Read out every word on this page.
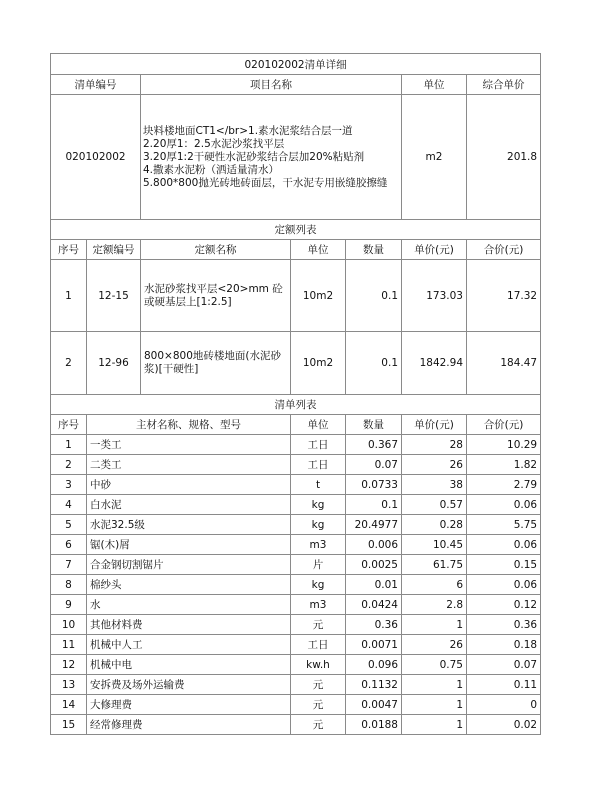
020102002清单详细						
清单编号		项目名称			单位	综合单价
020102002		块料楼地面CT1</br>1.素水泥浆结合层一道
2.20厚1：2.5水泥沙浆找平层
3.20厚1:2干硬性水泥砂浆结合层加20%粘贴剂
4.撒素水泥粉（洒适量清水）
5.800*800抛光砖地砖面层，干水泥专用嵌缝胶擦缝			m2	201.8
定额列表						
序号	定额编号	定额名称	单位	数量	单价(元)	合价(元)
1	12-15	水泥砂浆找平层<20>mm 砼或硬基层上[1:2.5]	10m2	0.1	173.03	17.32
2	12-96	800×800地砖楼地面(水泥砂浆)[干硬性]	10m2	0.1	1842.94	184.47
清单列表						
序号	主材名称、规格、型号		单位	数量	单价(元)	合价(元)
1	一类工		工日	0.367	28	10.29
2	二类工		工日	0.07	26	1.82
3	中砂		t	0.0733	38	2.79
4	白水泥		kg	0.1	0.57	0.06
5	水泥32.5级		kg	20.4977	0.28	5.75
6	锯(木)屑		m3	0.006	10.45	0.06
7	合金钢切割锯片		片	0.0025	61.75	0.15
8	棉纱头		kg	0.01	6	0.06
9	水		m3	0.0424	2.8	0.12
10	其他材料费		元	0.36	1	0.36
11	机械中人工		工日	0.0071	26	0.18
12	机械中电		kw.h	0.096	0.75	0.07
13	安拆费及场外运输费		元	0.1132	1	0.11
14	大修理费		元	0.0047	1	0
15	经常修理费		元	0.0188	1	0.02
